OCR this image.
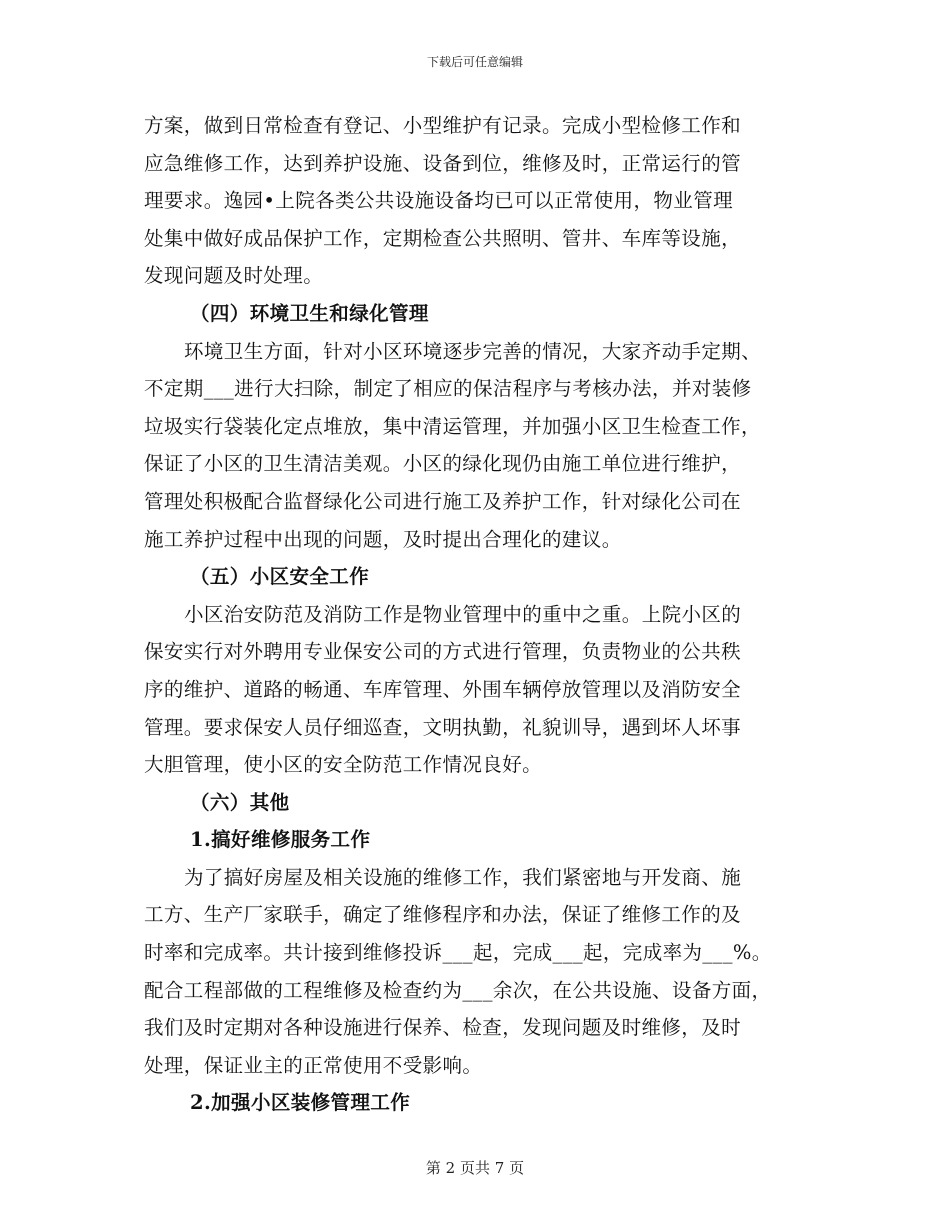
下载后可任意编辑
方案，做到日常检查有登记、小型维护有记录。完成小型检修工作和
应急维修工作，达到养护设施、设备到位，维修及时，正常运行的管
理要求。逸园•上院各类公共设施设备均已可以正常使用，物业管理
处集中做好成品保护工作，定期检查公共照明、管井、车库等设施，
发现问题及时处理。
（四）环境卫生和绿化管理
环境卫生方面，针对小区环境逐步完善的情况，大家齐动手定期、
不定期___进行大扫除，制定了相应的保洁程序与考核办法，并对装修
垃圾实行袋装化定点堆放，集中清运管理，并加强小区卫生检查工作，
保证了小区的卫生清洁美观。小区的绿化现仍由施工单位进行维护，
管理处积极配合监督绿化公司进行施工及养护工作，针对绿化公司在
施工养护过程中出现的问题，及时提出合理化的建议。
（五）小区安全工作
小区治安防范及消防工作是物业管理中的重中之重。上院小区的
保安实行对外聘用专业保安公司的方式进行管理，负责物业的公共秩
序的维护、道路的畅通、车库管理、外围车辆停放管理以及消防安全
管理。要求保安人员仔细巡查，文明执勤，礼貌训导，遇到坏人坏事
大胆管理，使小区的安全防范工作情况良好。
（六）其他
1.搞好维修服务工作
为了搞好房屋及相关设施的维修工作，我们紧密地与开发商、施
工方、生产厂家联手，确定了维修程序和办法，保证了维修工作的及
时率和完成率。共计接到维修投诉___起，完成___起，完成率为___%。
配合工程部做的工程维修及检查约为___余次，在公共设施、设备方面，
我们及时定期对各种设施进行保养、检查，发现问题及时维修，及时
处理，保证业主的正常使用不受影响。
2.加强小区装修管理工作
第 2 页共 7 页
